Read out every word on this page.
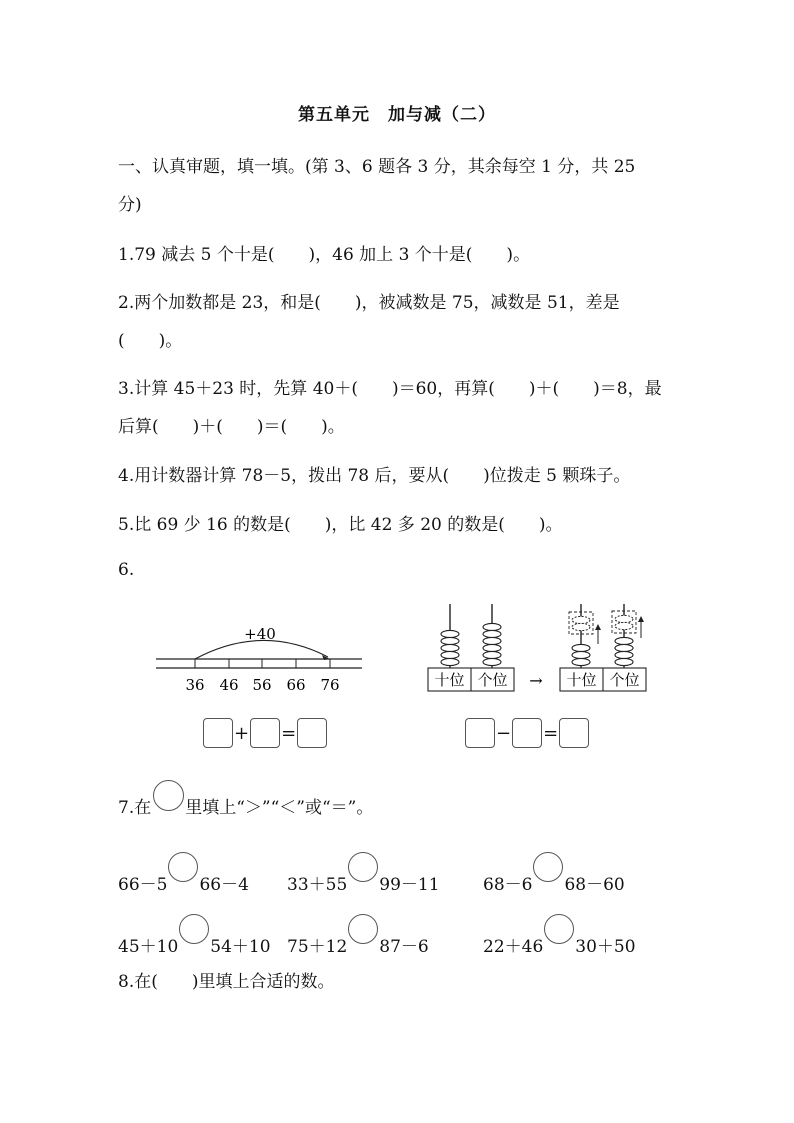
第五单元　加与减（二）
一、认真审题，填一填。(第 3、6 题各 3 分，其余每空 1 分，共 25
分)
1.79 减去 5 个十是(　　)，46 加上 3 个十是(　　)。
2.两个加数都是 23，和是(　　)，被减数是 75，减数是 51，差是
(　　)。
3.计算 45＋23 时，先算 40＋(　　)＝60，再算(　　)＋(　　)＝8，最
后算(　　)＋(　　)＝(　　)。
4.用计数器计算 78－5，拨出 78 后，要从(　　)位拨走 5 颗珠子。
5.比 69 少 16 的数是(　　)，比 42 多 20 的数是(　　)。
6.
+40
36 46 56 66 76	十位 个位 → 十位 个位
+ =	− =
7.在　　里填上“＞”“＜”或“＝”。
66－5 66－4 33＋55 99－11	68－6 68－60
45＋10 54＋10 75＋12 87－6	22＋46 30＋50
8.在(　　)里填上合适的数。
